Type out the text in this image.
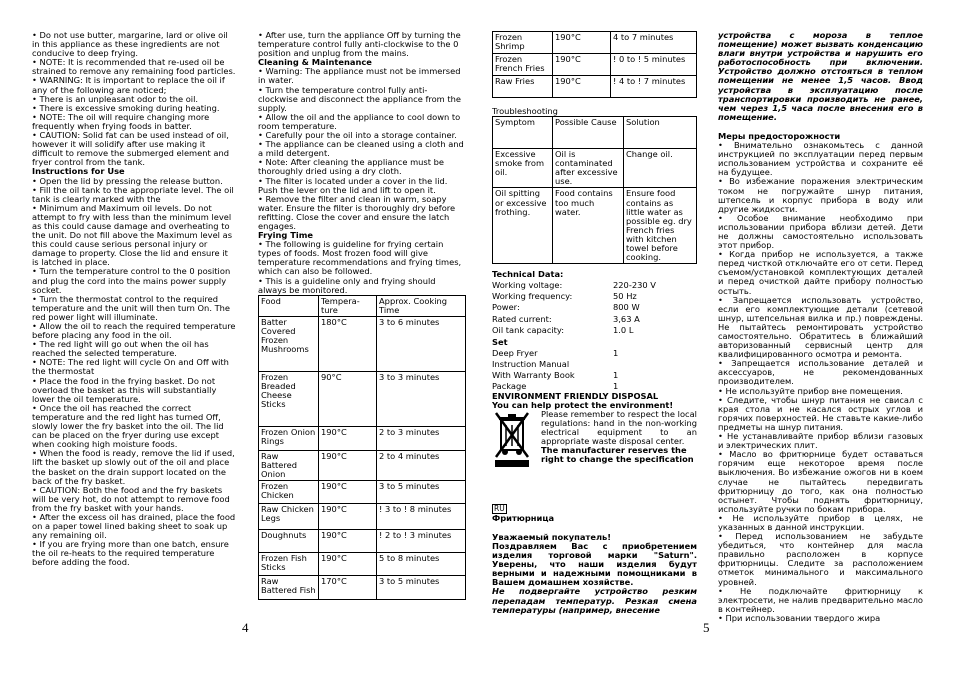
• Do not use butter, margarine, lard or olive oil in this appliance as these ingredients are not conducive to deep frying.

• NOTE: It is recommended that re-used oil be strained to remove any remaining food particles.

• WARNING: It is important to replace the oil if any of the following are noticed;

• There is an unpleasant odor to the oil.

• There is excessive smoking during heating.

• NOTE: The oil will require changing more frequently when frying foods in batter.

• CAUTION: Solid fat can be used instead of oil, however it will solidify after use making it difficult to remove the submerged element and fryer control from the tank.

Instructions for Use

• Open the lid by pressing the release button.

• Fill the oil tank to the appropriate level. The oil tank is clearly marked with the

• Minimum and Maximum oil levels. Do not attempt to fry with less than the minimum level as this could cause damage and overheating to the unit. Do not fill above the Maximum level as this could cause serious personal injury or damage to property. Close the lid and ensure it is latched in place.

• Turn the temperature control to the 0 position and plug the cord into the mains power supply socket.

• Turn the thermostat control to the required temperature and the unit will then turn On. The red power light will illuminate.

• Allow the oil to reach the required temperature before placing any food in the oil.

• The red light will go out when the oil has reached the selected temperature.

• NOTE: The red light will cycle On and Off with the thermostat

• Place the food in the frying basket. Do not overload the basket as this will substantially lower the oil temperature.

• Once the oil has reached the correct temperature and the red light has turned Off, slowly lower the fry basket into the oil. The lid can be placed on the fryer during use except when cooking high moisture foods.

• When the food is ready, remove the lid if used, lift the basket up slowly out of the oil and place the basket on the drain support located on the back of the fry basket.

• CAUTION: Both the food and the fry baskets will be very hot, do not attempt to remove food from the fry basket with your hands.

• After the excess oil has drained, place the food on a paper towel lined baking sheet to soak up any remaining oil.

• If you are frying more than one batch, ensure the oil re-heats to the required temperature before adding the food.

• After use, turn the appliance Off by turning the temperature control fully anti-clockwise to the 0 position and unplug from the mains.

Cleaning & Maintenance

• Warning: The appliance must not be immersed in water.

• Turn the temperature control fully anti-clockwise and disconnect the appliance from the supply.

• Allow the oil and the appliance to cool down to room temperature.

• Carefully pour the oil into a storage container.

• The appliance can be cleaned using a cloth and a mild detergent.

• Note: After cleaning the appliance must be thoroughly dried using a dry cloth.

• The filter is located under a cover in the lid. Push the lever on the lid and lift to open it.

• Remove the filter and clean in warm, soapy water. Ensure the filter is thoroughly dry before refitting. Close the cover and ensure the latch engages.

Frying Time

• The following is guideline for frying certain types of foods. Most frozen food will give temperature recommendations and frying times, which can also be followed.

• This is a guideline only and frying should always be monitored.

Food	Tempera-ture	Approx. Cooking Time
Batter Covered Frozen Mushrooms	180°C	3 to 6 minutes
Frozen Breaded Cheese Sticks	90°C	3 to 3 minutes
Frozen Onion Rings	190°C	2 to 3 minutes
Raw Battered Onion	190°C	2 to 4 minutes
Frozen Chicken	190°C	3 to 5 minutes
Raw Chicken Legs	190°C	! 3 to ! 8 minutes
Doughnuts	190°C	! 2 to ! 3 minutes
Frozen Fish Sticks	190°C	5 to 8 minutes
Raw Battered Fish	170°C	3 to 5 minutes
Frozen Shrimp	190°C	4 to 7 minutes
Frozen French Fries	190°C	! 0 to ! 5 minutes
Raw Fries	190°C	! 4 to ! 7 minutes

Troubleshooting

Symptom	Possible Cause	Solution
Excessive smoke from oil.	Oil is contaminated after excessive use.	Change oil.
Oil spitting or excessive frothing.	Food contains too much water.	Ensure food contains as little water as possible eg. dry French fries with kitchen towel before cooking.

Technical Data:

Working voltage:	220-230 V
Working frequency:	50 Hz
Power:	800 W
Rated current:	3,63 A
Oil tank capacity:	1.0 L

Set

Deep Fryer	1
Instruction Manual
With Warranty Book	1
Package	1

ENVIRONMENT FRIENDLY DISPOSAL

You can help protect the environment!

Please remember to respect the local regulations: hand in the non-working electrical equipment to an appropriate waste disposal center.

The manufacturer reserves the right to change the specification

RU

Фритюрница

Уважаемый покупатель!

Поздравляем Вас с приобретением изделия торговой марки "Saturn". Уверены, что наши изделия будут верными и надежными помощниками в Вашем домашнем хозяйстве.

Не подвергайте устройство резким перепадам температур. Резкая смена температуры (например, внесение

устройства с мороза в теплое помещение) может вызвать конденсацию влаги внутри устройства и нарушить его работоспособность при включении. Устройство должно отстояться в теплом помещении не менее 1,5 часов. Ввод устройства в эксплуатацию после транспортировки производить не ранее, чем через 1,5 часа после внесения его в помещение.

Меры предосторожности

• Внимательно ознакомьтесь с данной инструкцией по эксплуатации перед первым использованием устройства и сохраните её на будущее.

• Во избежание поражения электрическим током не погружайте шнур питания, штепсель и корпус прибора в воду или другие жидкости.

• Особое внимание необходимо при использовании прибора вблизи детей. Дети не должны самостоятельно использовать этот прибор.

• Когда прибор не используется, а также перед чисткой отключайте его от сети. Перед съемом/установкой комплектующих деталей и перед очисткой дайте прибору полностью остыть.

• Запрещается использовать устройство, если его комплектующие детали (сетевой шнур, штепсельная вилка и пр.) повреждены. Не пытайтесь ремонтировать устройство самостоятельно. Обратитесь в ближайший авторизованный сервисный центр для квалифицированного осмотра и ремонта.

• Запрещается использование деталей и аксессуаров, не рекомендованных производителем.

• Не используйте прибор вне помещения.

• Следите, чтобы шнур питания не свисал с края стола и не касался острых углов и горячих поверхностей. Не ставьте какие-либо предметы на шнур питания.

• Не устанавливайте прибор вблизи газовых и электрических плит.

• Масло во фритюрнице будет оставаться горячим еще некоторое время после выключения. Во избежание ожогов ни в коем случае не пытайтесь передвигать фритюрницу до того, как она полностью остынет. Чтобы поднять фритюрницу, используйте ручки по бокам прибора.

• Не используйте прибор в целях, не указанных в данной инструкции.

• Перед использованием не забудьте убедиться, что контейнер для масла правильно расположен в корпусе фритюрницы. Следите за расположением отметок минимального и максимального уровней.

• Не подключайте фритюрницу к электросети, не налив предварительно масло в контейнер.

• При использовании твердого жира

4	5
